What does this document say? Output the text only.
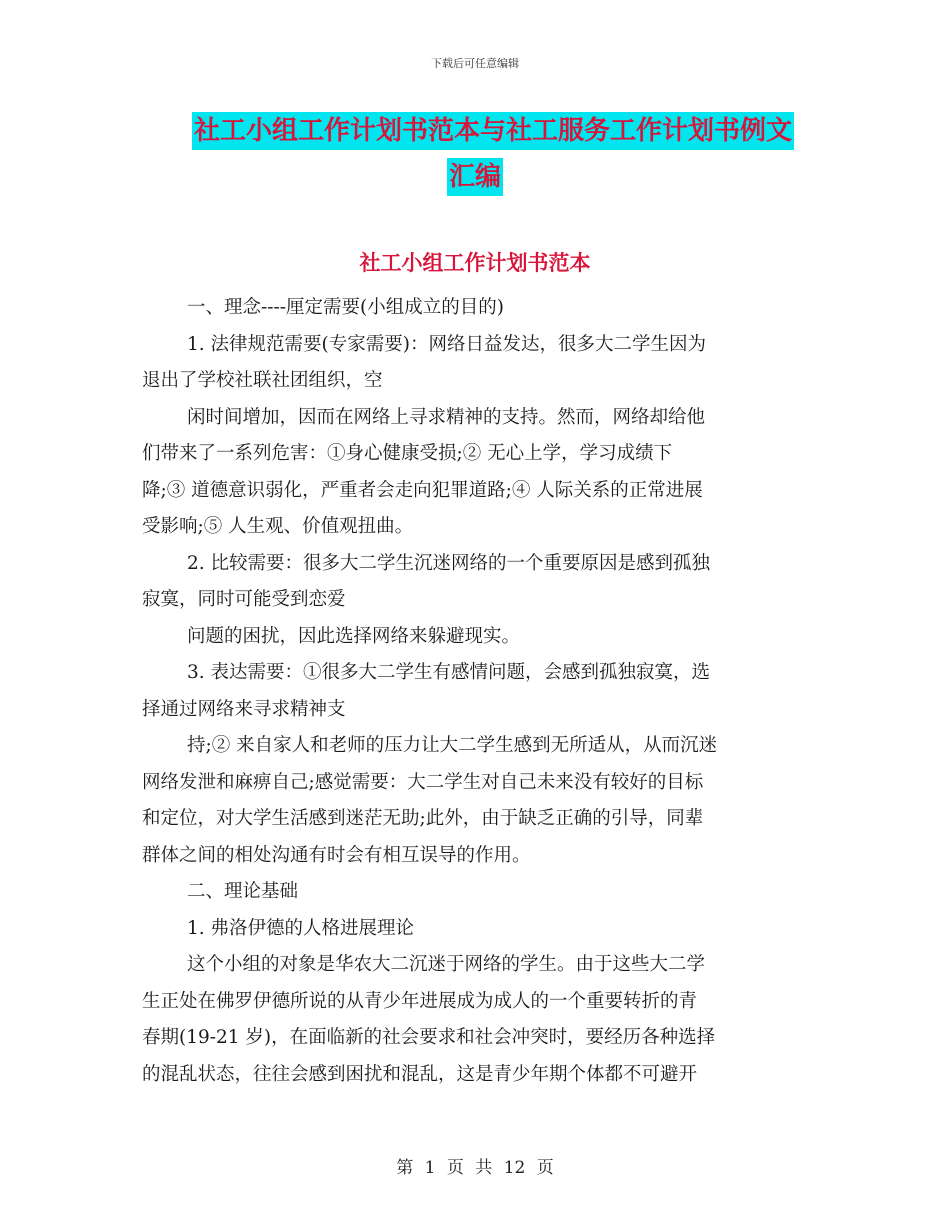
下载后可任意编辑
社工小组工作计划书范本与社工服务工作计划书例文
汇编
社工小组工作计划书范本

一、理念----厘定需要(小组成立的目的)

1. 法律规范需要(专家需要)：网络日益发达，很多大二学生因为

退出了学校社联社团组织，空

闲时间增加，因而在网络上寻求精神的支持。然而，网络却给他

们带来了一系列危害：①身心健康受损;② 无心上学，学习成绩下

降;③ 道德意识弱化，严重者会走向犯罪道路;④ 人际关系的正常进展

受影响;⑤ 人生观、价值观扭曲。

2. 比较需要：很多大二学生沉迷网络的一个重要原因是感到孤独

寂寞，同时可能受到恋爱

问题的困扰，因此选择网络来躲避现实。

3. 表达需要：①很多大二学生有感情问题，会感到孤独寂寞，选

择通过网络来寻求精神支

持;② 来自家人和老师的压力让大二学生感到无所适从，从而沉迷

网络发泄和麻痹自己;感觉需要：大二学生对自己未来没有较好的目标

和定位，对大学生活感到迷茫无助;此外，由于缺乏正确的引导，同辈

群体之间的相处沟通有时会有相互误导的作用。

二、理论基础

1. 弗洛伊德的人格进展理论

这个小组的对象是华农大二沉迷于网络的学生。由于这些大二学

生正处在佛罗伊德所说的从青少年进展成为成人的一个重要转折的青

春期(19-21 岁)，在面临新的社会要求和社会冲突时，要经历各种选择

的混乱状态，往往会感到困扰和混乱，这是青少年期个体都不可避开

第 1 页 共 12 页
